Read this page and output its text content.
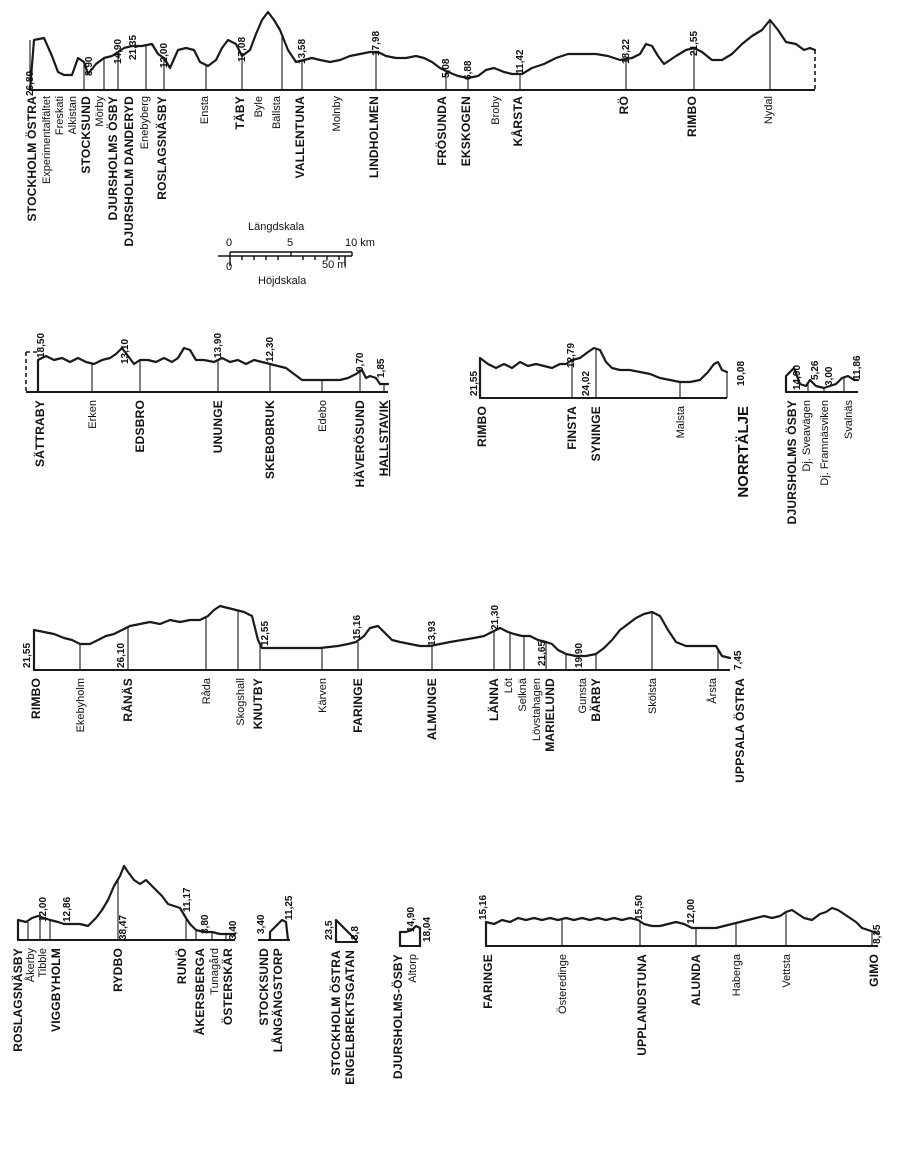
26,80
8,90
14,90 21,35 12,00	17,08	13,58	17,98
5,08 6,88	11,42	18,22	21,55
STOCKHOLM ÖSTRA Experimentalfältet Freskati Alkistan STOCKSUND Mörby DJURSHOLMS ÖSBY DJURSHOLM DANDERYD Enebyberg ROSLAGSNÄSBY	Ensta TÄBY Byle Bällsta VALLENTUNA Molnby LINDHOLMEN	FRÖSUNDA EKSKOGEN Broby KÅRSTA	RÖ	RIMBO	Nydal
Längdskala
0	5	10 km
0	50 m
Höjdskala
18,50	13,10	13,90	12,30
9,70 1,85
SÄTTRABY	Erken	EDSBRO	UNUNGE	SKEBOBRUK	Edebo HÄVERÖSUND HALLSTAVIK
21,55
12,79
24,02	10,08
RIMBO	FINSTA SYNINGE	Malsta	NORRTÄLJE
14,90 5,26 3,00 11,86
DJURSHOLMS ÖSBY Dj. Sveavägen Dj. Framnäsviken Svalnäs
21,55	26,10
12,55	15,16	13,93
21,30
21,65	19,90	7,45
RIMBO	Ekebyholm	RÅNÄS	Råda Skogshall KNUTBY	Kärven FARINGE	ALMUNGE	LÄNNA Löt Selknä Lövstahagen MARIELUND Gunsta BÄRBY	Skölsta	Årsta UPPSALA ÖSTRA
12,00 12,86
38,47
11,17
3,80 3,40
ROSLAGSNÄSBY Åkerby Tibble VIGGBYHOLM	RYDBO	RUNÖ ÅKERSBERGA Tunagård ÖSTERSKÄR
3,40
11,25
STOCKSUND LÅNGÄNGSTORP
23,5 3,8
STOCKHOLM ÖSTRA ENGELBREKTSGATAN
14,90 18,04
DJURSHOLMS-ÖSBY Altorp
15,16	15,50	12,00
8,35
FARINGE	Österedinge	UPPLANDSTUNA	ALUNDA	Haberga	Vettsta	GIMO
